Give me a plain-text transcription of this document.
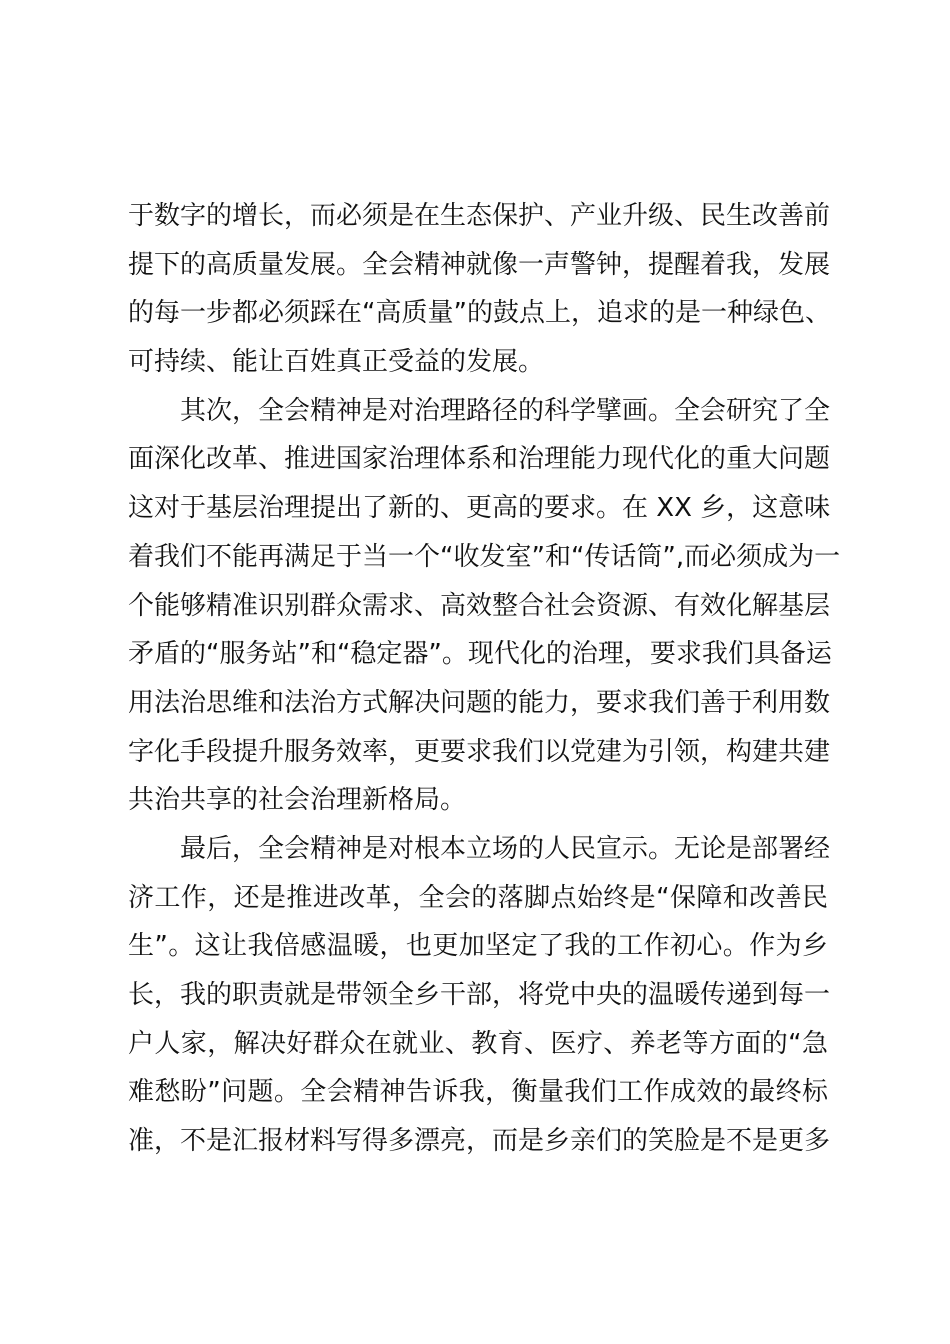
于数字的增长，而必须是在生态保护、产业升级、民生改善前
提下的高质量发展。全会精神就像一声警钟，提醒着我，发展
的每一步都必须踩在“高质量”的鼓点上，追求的是一种绿色、
可持续、能让百姓真正受益的发展。
其次，全会精神是对治理路径的科学擘画。全会研究了全
面深化改革、推进国家治理体系和治理能力现代化的重大问题
这对于基层治理提出了新的、更高的要求。在 XX 乡，这意味
着我们不能再满足于当一个“收发室”和“传话筒”,而必须成为一
个能够精准识别群众需求、高效整合社会资源、有效化解基层
矛盾的“服务站”和“稳定器”。现代化的治理，要求我们具备运
用法治思维和法治方式解决问题的能力，要求我们善于利用数
字化手段提升服务效率，更要求我们以党建为引领，构建共建
共治共享的社会治理新格局。
最后，全会精神是对根本立场的人民宣示。无论是部署经
济工作，还是推进改革，全会的落脚点始终是“保障和改善民
生”。这让我倍感温暖，也更加坚定了我的工作初心。作为乡
长，我的职责就是带领全乡干部，将党中央的温暖传递到每一
户人家，解决好群众在就业、教育、医疗、养老等方面的“急
难愁盼”问题。全会精神告诉我，衡量我们工作成效的最终标
准，不是汇报材料写得多漂亮，而是乡亲们的笑脸是不是更多
